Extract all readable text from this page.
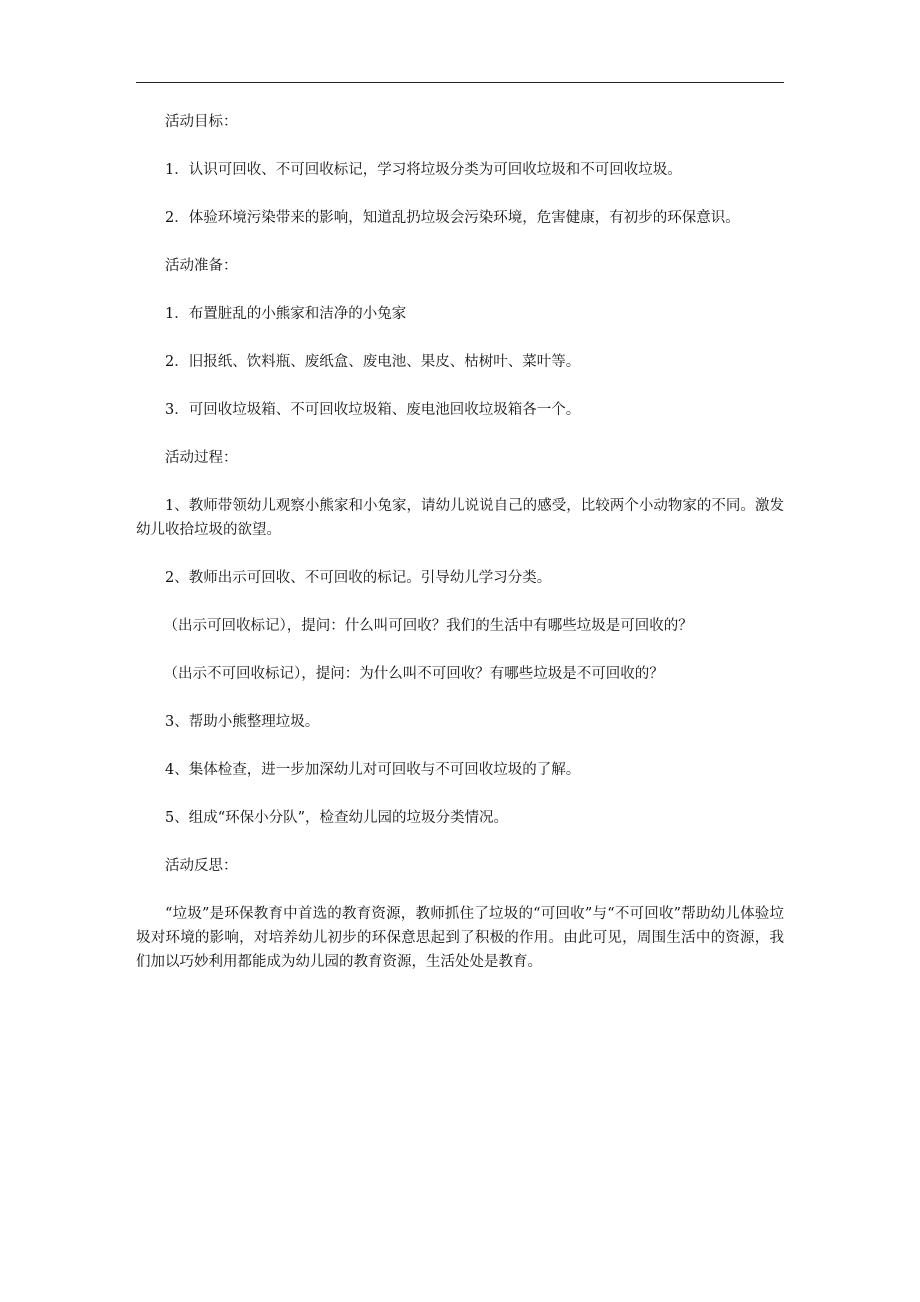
活动目标：

1．认识可回收、不可回收标记，学习将垃圾分类为可回收垃圾和不可回收垃圾。

2．体验环境污染带来的影响，知道乱扔垃圾会污染环境，危害健康，有初步的环保意识。

活动准备：

1．布置脏乱的小熊家和洁净的小兔家

2．旧报纸、饮料瓶、废纸盒、废电池、果皮、枯树叶、菜叶等。

3．可回收垃圾箱、不可回收垃圾箱、废电池回收垃圾箱各一个。

活动过程：

1、教师带领幼儿观察小熊家和小兔家，请幼儿说说自己的感受，比较两个小动物家的不同。激发幼儿收拾垃圾的欲望。

2、教师出示可回收、不可回收的标记。引导幼儿学习分类。

（出示可回收标记），提问：什么叫可回收？我们的生活中有哪些垃圾是可回收的？

（出示不可回收标记），提问：为什么叫不可回收？有哪些垃圾是不可回收的？

3、帮助小熊整理垃圾。

4、集体检查，进一步加深幼儿对可回收与不可回收垃圾的了解。

5、组成“环保小分队”，检查幼儿园的垃圾分类情况。

活动反思：

“垃圾”是环保教育中首选的教育资源，教师抓住了垃圾的“可回收”与“不可回收”帮助幼儿体验垃圾对环境的影响，对培养幼儿初步的环保意思起到了积极的作用。由此可见，周围生活中的资源，我们加以巧妙利用都能成为幼儿园的教育资源，生活处处是教育。
